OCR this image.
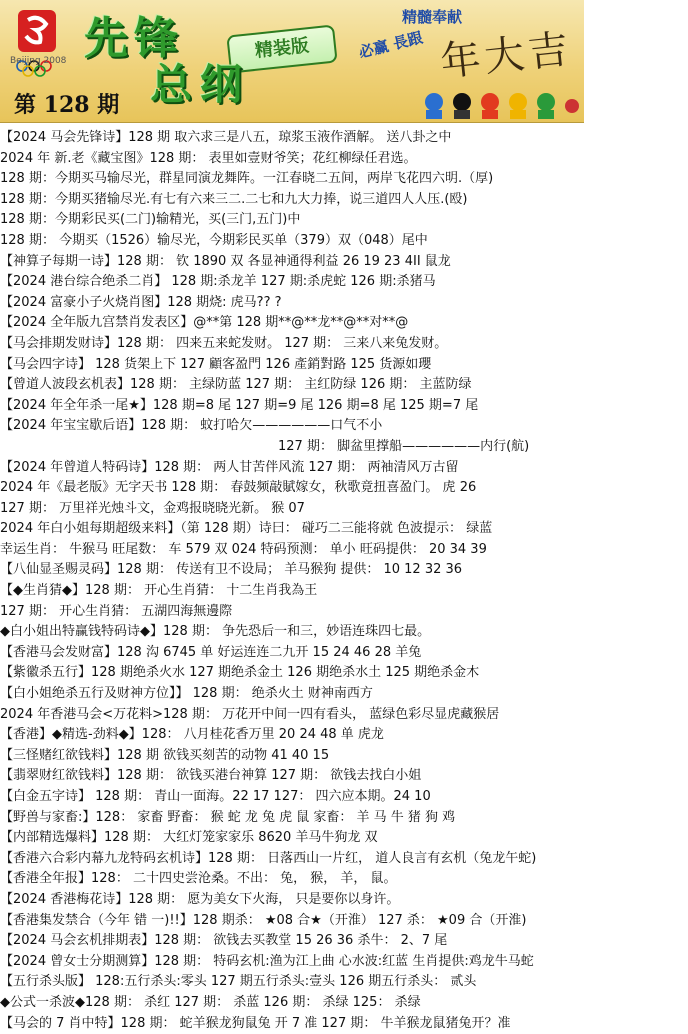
Beijing 2008 先锋	精装版
总纲
第 128 期
精髓奉献
必赢 長跟 年大吉
【2024 马会先锋诗】128 期 取六求三是八五，琼浆玉液作酒解。 送八卦之中
2024 年 新.老《藏宝图》128 期： 表里如壹财爷笑；花红柳绿任君选。
128 期：今期买马输尽光，群星同演龙舞阵。一江春晓二五间，两岸飞花四六明.（厚)
128 期：今期买猪输尽光.有七有六来三二.二七和九大力捧，说三道四人人压.(殴)
128 期：今期彩民买(二门)输精光，买(三门,五门)中
128 期： 今期买（1526）输尽光，今期彩民买单（379）双（048）尾中
【神算子每期一诗】128 期： 钦 1890 双 各显神通得利益 26 19 23 4II 鼠龙
【2024 港台综合绝杀二肖】 128 期:杀龙羊 127 期:杀虎蛇 126 期:杀猪马
【2024 富豪小子火烧肖图】128 期烧: 虎马?? ?
【2024 全年版九宫禁肖发表区】@**第 128 期**@**龙**@**对**@
【马会排期发财诗】128 期： 四来五来蛇发财。 127 期： 三来八来兔发财。
【马会四字诗】 128 货架上下 127 顧客盈門 126 產銷對路 125 货源如瓔
【曾道人波段玄机表】128 期： 主绿防蓝 127 期： 主红防绿 126 期： 主蓝防绿
【2024 年全年杀一尾★】128 期=8 尾 127 期=9 尾 126 期=8 尾 125 期=7 尾
【2024 年宝宝歇后语】128 期： 蚊打哈欠——————口气不小
127 期： 脚盆里撑船——————内行(航)
【2024 年曾道人特码诗】128 期： 两人甘苦伴风流 127 期： 两袖清风万古留
2024 年《最老版》无字天书 128 期： 春鼓频敲賦嫁女，秋歌竟扭喜盈门。 虎 26
127 期： 万里祥光烛斗文，金鸡报晓晓光新。 猴 07
2024 年白小姐每期超级来料】（第 128 期）诗曰： 碰巧二三能将就 色波提示： 绿蓝
幸运生肖： 牛猴马 旺尾数： 车 579 双 024 特码预测： 单小 旺码提供： 20 34 39
【八仙显圣赐灵码】128 期： 传送有卫不设局； 羊马猴狗 提供： 10 12 32 36
【◆生肖猜◆】128 期： 开心生肖猜： 十二生肖我為王
127 期： 开心生肖猜： 五湖四海無邊際
◆白小姐出特赢钱特码诗◆】128 期： 争先恐后一和三，妙语连珠四七最。
【香港马会发财富】128 沟 6745 单 好运连连二九开 15 24 46 28 羊兔
【紫徽杀五行】128 期绝杀火水 127 期绝杀金土 126 期绝杀水土 125 期绝杀金木
【白小姐绝杀五行及财神方位】】 128 期： 绝杀火土 财神南西方
2024 年香港马会<万花料>128 期： 万花开中间一四有看头， 蓝绿色彩尽显虎藏猴居
【香港】◆精选-劲料◆】128： 八月桂花香万里 20 24 48 单 虎龙
【三怪赌红欲钱料】128 期 欲钱买刻苦的动物 41 40 15
【翡翠财红欲钱料】128 期： 欲钱买港台神算 127 期： 欲钱去找白小姐
【白金五字诗】 128 期： 青山一面海。22 17 127： 四六应本期。24 10
【野兽与家畜:】128： 家畜 野畜： 猴 蛇 龙 兔 虎 鼠 家畜： 羊 马 牛 猪 狗 鸡
【内部精选爆料】128 期： 大红灯笼家家乐 8620 羊马牛狗龙 双
【香港六合彩内幕九龙特码玄机诗】128 期： 日落西山一片红， 道人良言有玄机（兔龙午蛇)
【香港全年报】128： 二十四史尝沧桑。不出： 兔， 猴， 羊， 鼠。
【2024 香港梅花诗】128 期： 愿为美女下火海， 只是要你以身许。
【香港集发禁合（今年 错 一)!!】128 期杀： ★08 合★（开淮） 127 杀： ★09 合（开淮)
【2024 马会玄机排期表】128 期： 欲钱去买教堂 15 26 36 杀牛： 2、7 尾
【2024 曾女士分期测算】128 期： 特码玄机:渔为江上曲 心水波:红蓝 生肖提供:鸡龙牛马蛇
【五行杀头版】 128:五行杀头:零头 127 期五行杀头:壹头 126 期五行杀头： 贰头
◆公式一杀波◆128 期： 杀红 127 期： 杀蓝 126 期： 杀绿 125： 杀绿
【马会的 7 肖中特】128 期： 蛇羊猴龙狗鼠兔 开 7 准 127 期： 牛羊猴龙鼠猪兔开？准
